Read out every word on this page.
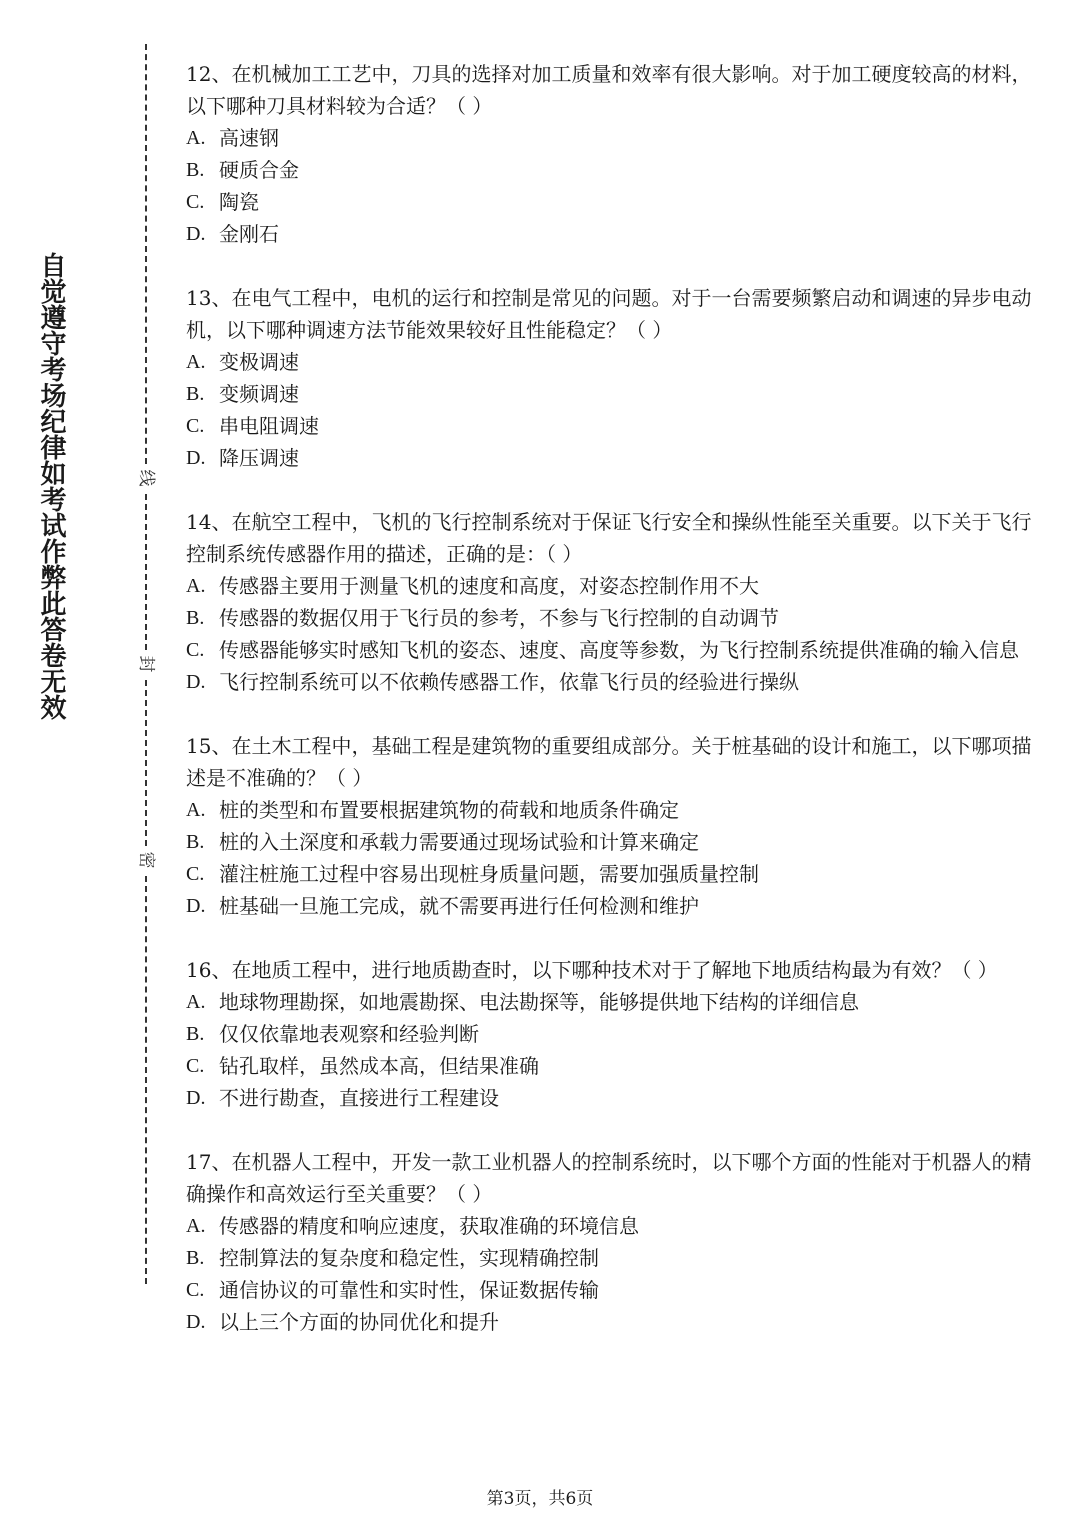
自觉遵守考场纪律如考试作弊此答卷无效	线
封
密

12、在机械加工工艺中，刀具的选择对加工质量和效率有很大影响。对于加工硬度较高的材料，以下哪种刀具材料较为合适？（ ）

A. 高速钢
B. 硬质合金
C. 陶瓷
D. 金刚石

13、在电气工程中，电机的运行和控制是常见的问题。对于一台需要频繁启动和调速的异步电动机，以下哪种调速方法节能效果较好且性能稳定？（ ）

A. 变极调速
B. 变频调速
C. 串电阻调速
D. 降压调速

14、在航空工程中，飞机的飞行控制系统对于保证飞行安全和操纵性能至关重要。以下关于飞行控制系统传感器作用的描述，正确的是：（ ）

A. 传感器主要用于测量飞机的速度和高度，对姿态控制作用不大
B. 传感器的数据仅用于飞行员的参考，不参与飞行控制的自动调节
C. 传感器能够实时感知飞机的姿态、速度、高度等参数，为飞行控制系统提供准确的输入信息
D. 飞行控制系统可以不依赖传感器工作，依靠飞行员的经验进行操纵

15、在土木工程中，基础工程是建筑物的重要组成部分。关于桩基础的设计和施工，以下哪项描述是不准确的？（ ）

A. 桩的类型和布置要根据建筑物的荷载和地质条件确定
B. 桩的入土深度和承载力需要通过现场试验和计算来确定
C. 灌注桩施工过程中容易出现桩身质量问题，需要加强质量控制
D. 桩基础一旦施工完成，就不需要再进行任何检测和维护

16、在地质工程中，进行地质勘查时，以下哪种技术对于了解地下地质结构最为有效？（ ）

A. 地球物理勘探，如地震勘探、电法勘探等，能够提供地下结构的详细信息
B. 仅仅依靠地表观察和经验判断
C. 钻孔取样，虽然成本高，但结果准确
D. 不进行勘查，直接进行工程建设

17、在机器人工程中，开发一款工业机器人的控制系统时，以下哪个方面的性能对于机器人的精确操作和高效运行至关重要？（ ）

A. 传感器的精度和响应速度，获取准确的环境信息
B. 控制算法的复杂度和稳定性，实现精确控制
C. 通信协议的可靠性和实时性，保证数据传输
D. 以上三个方面的协同优化和提升
第3页，共6页
